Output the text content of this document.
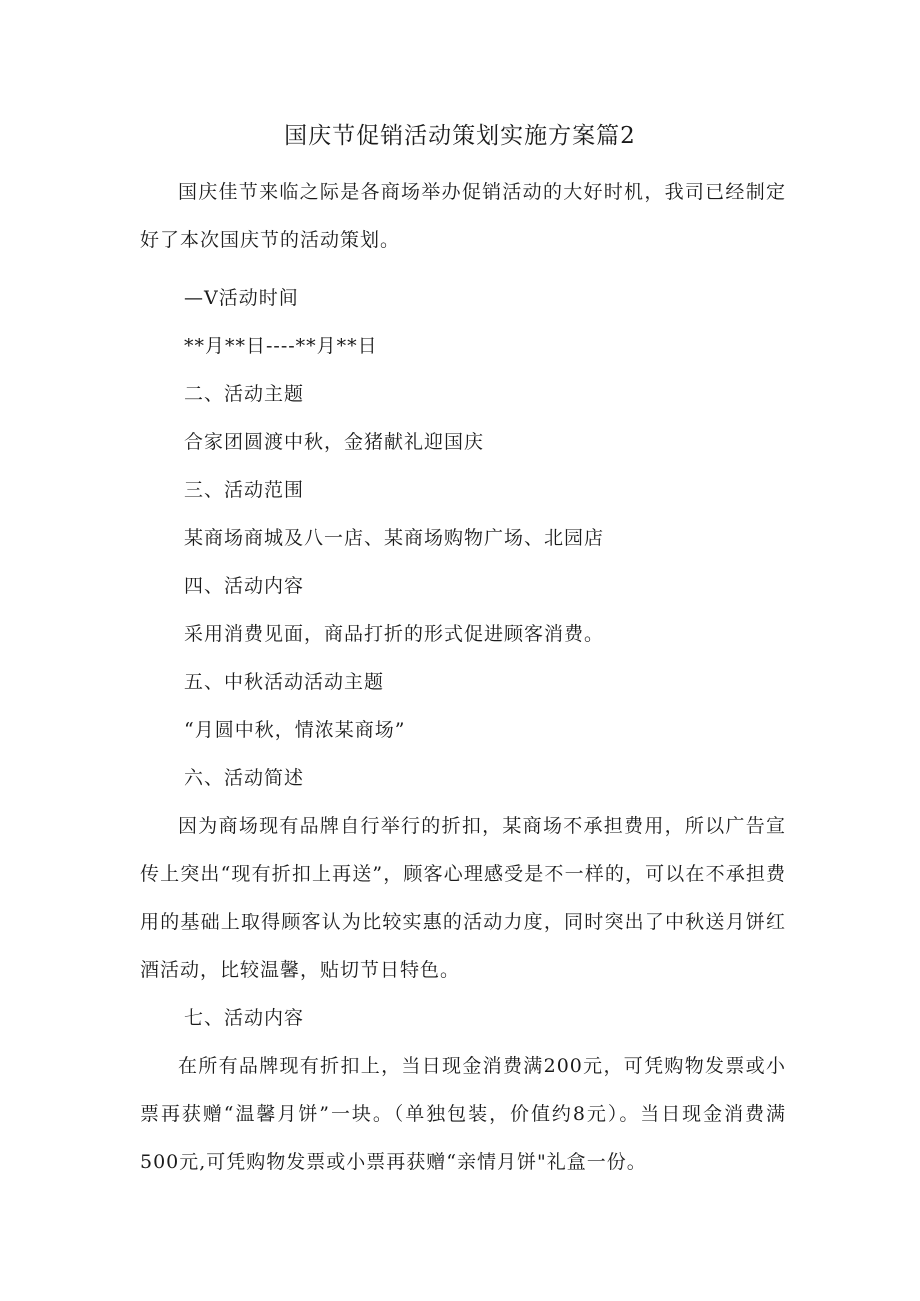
国庆节促销活动策划实施方案篇2

国庆佳节来临之际是各商场举办促销活动的大好时机，我司已经制定好了本次国庆节的活动策划。

—V活动时间

**月**日----**月**日

二、活动主题

合家团圆渡中秋，金猪献礼迎国庆

三、活动范围

某商场商城及八一店、某商场购物广场、北园店

四、活动内容

采用消费见面，商品打折的形式促进顾客消费。

五、中秋活动活动主题

“月圆中秋，情浓某商场”

六、活动简述

因为商场现有品牌自行举行的折扣，某商场不承担费用，所以广告宣传上突出“现有折扣上再送”，顾客心理感受是不一样的，可以在不承担费用的基础上取得顾客认为比较实惠的活动力度，同时突出了中秋送月饼红酒活动，比较温馨，贴切节日特色。

七、活动内容

在所有品牌现有折扣上，当日现金消费满200元，可凭购物发票或小票再获赠“温馨月饼”一块。（单独包装，价值约8元）。当日现金消费满500元,可凭购物发票或小票再获赠“亲情月饼"礼盒一份。
